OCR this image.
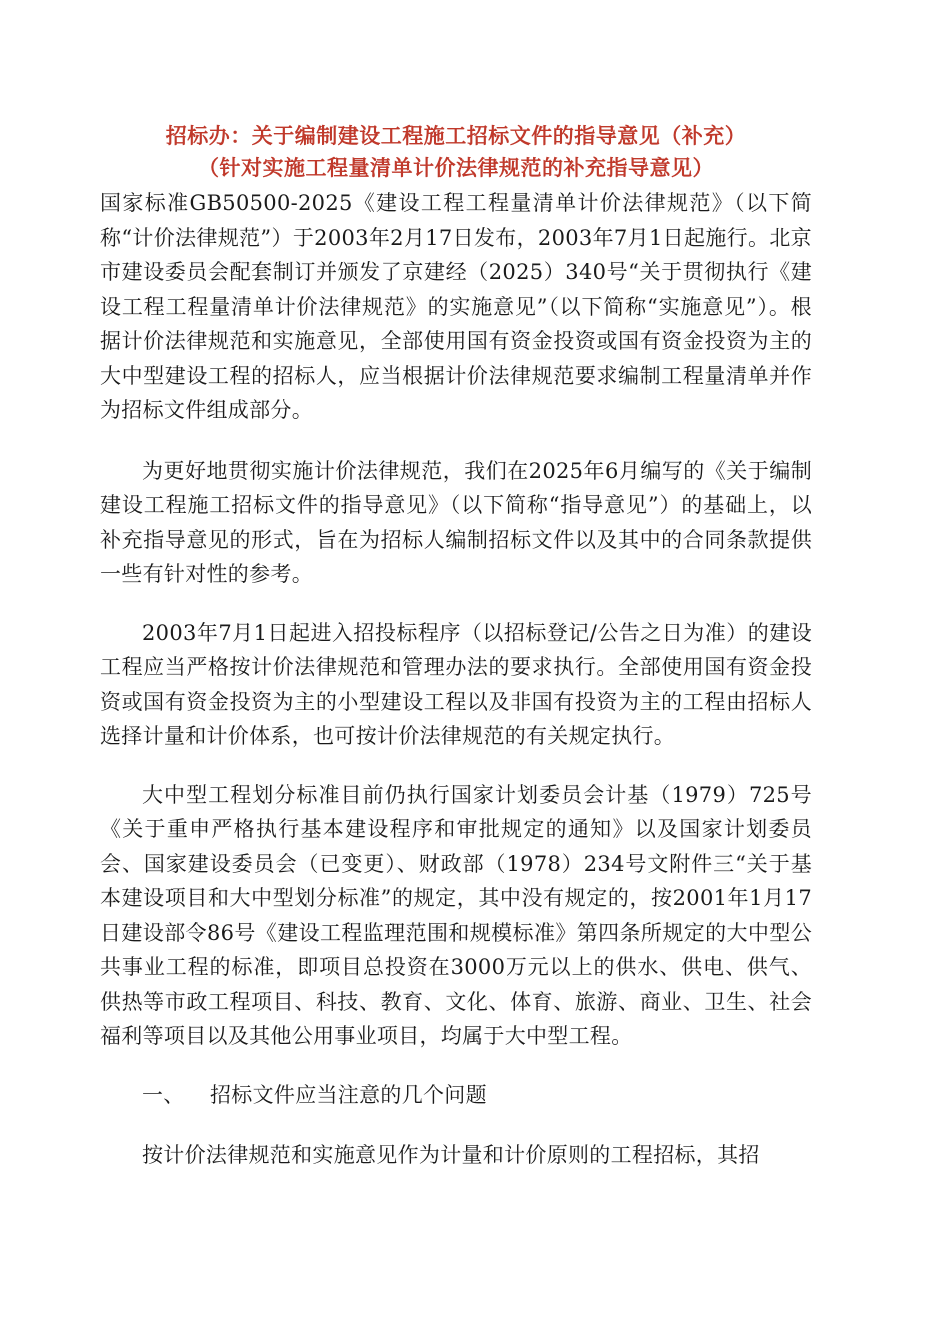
招标办：关于编制建设工程施工招标文件的指导意见（补充）
（针对实施工程量清单计价法律规范的补充指导意见）

国家标准GB50500-2025《建设工程工程量清单计价法律规范》（以下简称“计价法律规范”）于2003年2月17日发布，2003年7月1日起施行。北京市建设委员会配套制订并颁发了京建经（2025）340号“关于贯彻执行《建设工程工程量清单计价法律规范》的实施意见”（以下简称“实施意见”）。根据计价法律规范和实施意见，全部使用国有资金投资或国有资金投资为主的大中型建设工程的招标人，应当根据计价法律规范要求编制工程量清单并作为招标文件组成部分。

为更好地贯彻实施计价法律规范，我们在2025年6月编写的《关于编制建设工程施工招标文件的指导意见》（以下简称“指导意见”）的基础上，以补充指导意见的形式，旨在为招标人编制招标文件以及其中的合同条款提供一些有针对性的参考。

2003年7月1日起进入招投标程序（以招标登记/公告之日为准）的建设工程应当严格按计价法律规范和管理办法的要求执行。全部使用国有资金投资或国有资金投资为主的小型建设工程以及非国有投资为主的工程由招标人选择计量和计价体系，也可按计价法律规范的有关规定执行。

大中型工程划分标准目前仍执行国家计划委员会计基（1979）725号《关于重申严格执行基本建设程序和审批规定的通知》以及国家计划委员会、国家建设委员会（已变更）、财政部（1978）234号文附件三“关于基本建设项目和大中型划分标准”的规定，其中没有规定的，按2001年1月17日建设部令86号《建设工程监理范围和规模标准》第四条所规定的大中型公共事业工程的标准，即项目总投资在3000万元以上的供水、供电、供气、供热等市政工程项目、科技、教育、文化、体育、旅游、商业、卫生、社会福利等项目以及其他公用事业项目，均属于大中型工程。

一、 招标文件应当注意的几个问题

按计价法律规范和实施意见作为计量和计价原则的工程招标，其招
